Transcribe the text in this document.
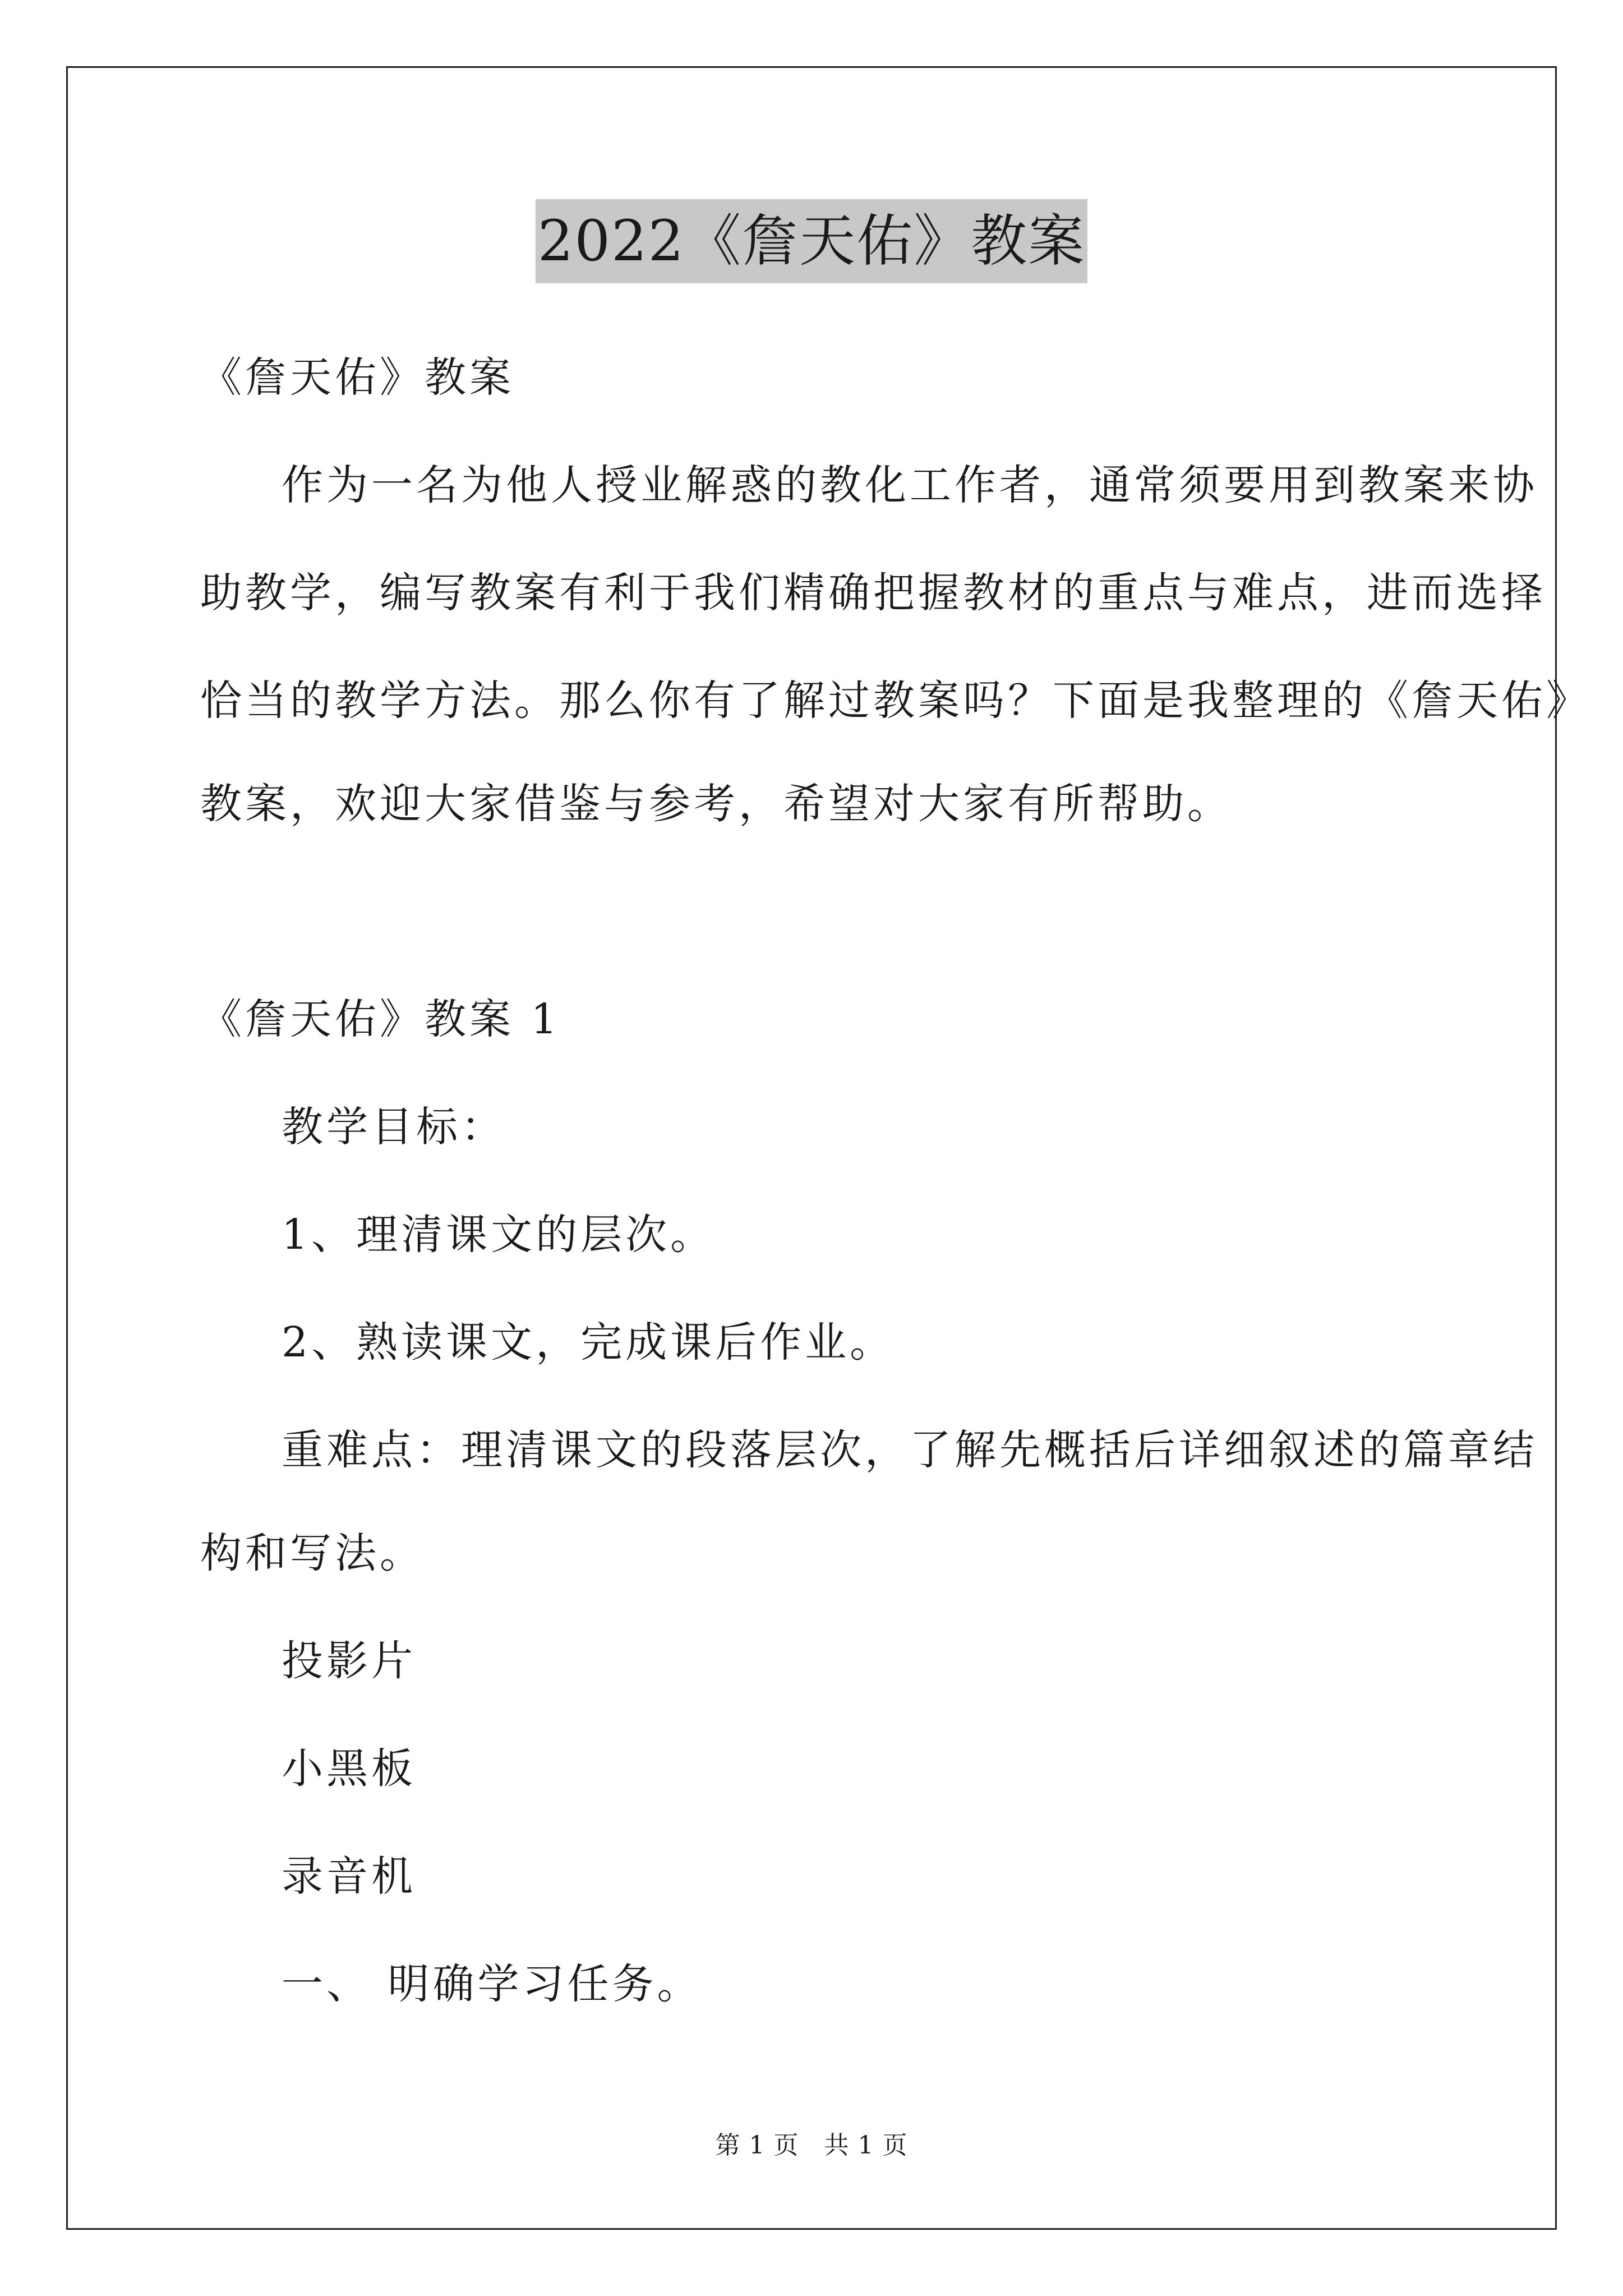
2022《詹天佑》教案
《詹天佑》教案
作为一名为他人授业解惑的教化工作者，通常须要用到教案来协
助教学，编写教案有利于我们精确把握教材的重点与难点，进而选择
恰当的教学方法。那么你有了解过教案吗？下面是我整理的《詹天佑》
教案，欢迎大家借鉴与参考，希望对大家有所帮助。
《詹天佑》教案 1
教学目标：
1、理清课文的层次。
2、熟读课文，完成课后作业。
重难点：理清课文的段落层次，了解先概括后详细叙述的篇章结
构和写法。
投影片
小黑板
录音机
一、 明确学习任务。
第 1 页　共 1 页
